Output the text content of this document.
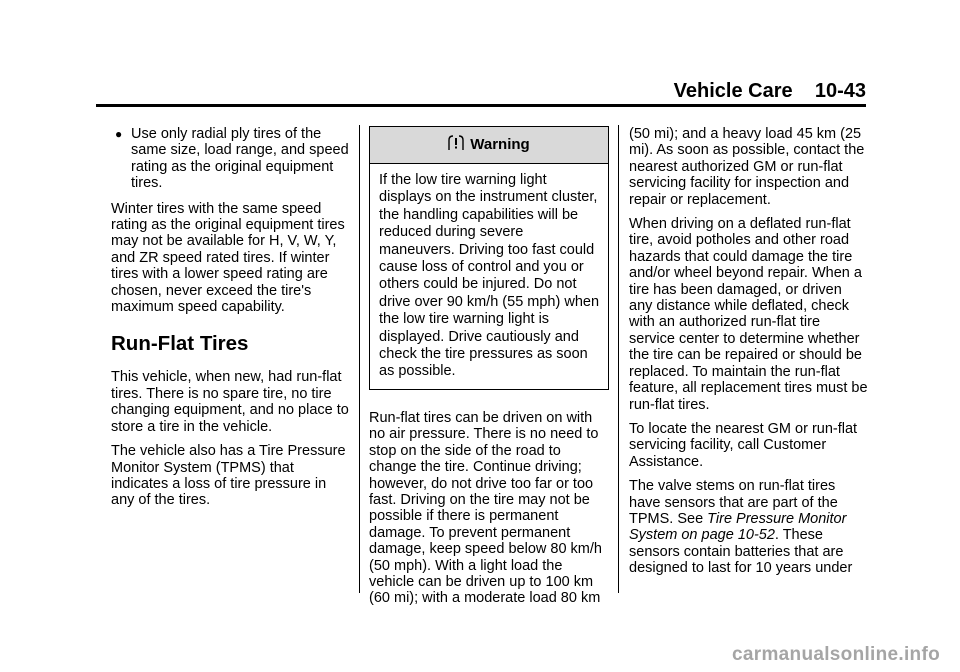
Vehicle Care 10-43
● Use only radial ply tires of the same size, load range, and speed rating as the original equipment tires.

Winter tires with the same speed rating as the original equipment tires may not be available for H, V, W, Y, and ZR speed rated tires. If winter tires with a lower speed rating are chosen, never exceed the tire's maximum speed capability.

Run-Flat Tires

This vehicle, when new, had run-flat tires. There is no spare tire, no tire changing equipment, and no place to store a tire in the vehicle.

The vehicle also has a Tire Pressure Monitor System (TPMS) that indicates a loss of tire pressure in any of the tires.

Warning
If the low tire warning light displays on the instrument cluster, the handling capabilities will be reduced during severe maneuvers. Driving too fast could cause loss of control and you or others could be injured. Do not drive over 90 km/h (55 mph) when the low tire warning light is displayed. Drive cautiously and check the tire pressures as soon as possible.

Run-flat tires can be driven on with no air pressure. There is no need to stop on the side of the road to change the tire. Continue driving; however, do not drive too far or too fast. Driving on the tire may not be possible if there is permanent damage. To prevent permanent damage, keep speed below 80 km/h (50 mph). With a light load the vehicle can be driven up to 100 km (60 mi); with a moderate load 80 km

(50 mi); and a heavy load 45 km (25 mi). As soon as possible, contact the nearest authorized GM or run-flat servicing facility for inspection and repair or replacement.

When driving on a deflated run-flat tire, avoid potholes and other road hazards that could damage the tire and/or wheel beyond repair. When a tire has been damaged, or driven any distance while deflated, check with an authorized run-flat tire service center to determine whether the tire can be repaired or should be replaced. To maintain the run-flat feature, all replacement tires must be run-flat tires.

To locate the nearest GM or run-flat servicing facility, call Customer Assistance.

The valve stems on run-flat tires have sensors that are part of the TPMS. See Tire Pressure Monitor System on page 10-52. These sensors contain batteries that are designed to last for 10 years under

carmanualsonline.info
